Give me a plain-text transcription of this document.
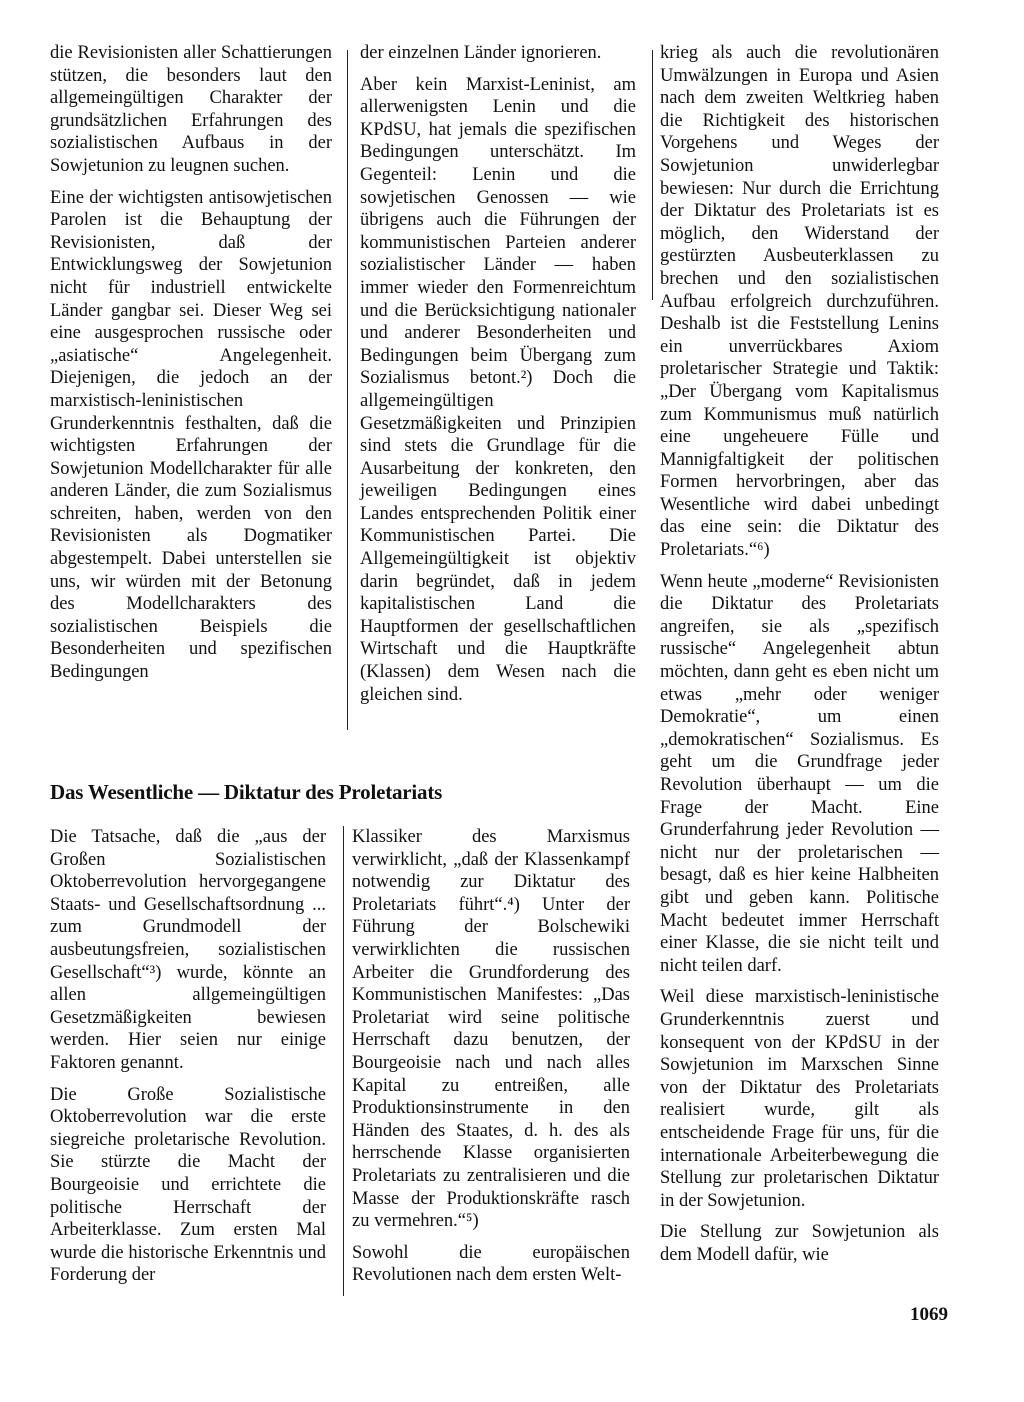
die Revisionisten aller Schattierungen stützen, die besonders laut den allgemeingültigen Charakter der grundsätzlichen Erfahrungen des sozialistischen Aufbaus in der Sowjetunion zu leugnen suchen.

Eine der wichtigsten antisowjetischen Parolen ist die Behauptung der Revisionisten, daß der Entwicklungsweg der Sowjetunion nicht für industriell entwickelte Länder gangbar sei. Dieser Weg sei eine ausgesprochen russische oder „asiatische“ Angelegenheit. Diejenigen, die jedoch an der marxistisch-leninistischen Grunderkenntnis festhalten, daß die wichtigsten Erfahrungen der Sowjetunion Modellcharakter für alle anderen Länder, die zum Sozialismus schreiten, haben, werden von den Revisionisten als Dogmatiker abgestempelt. Dabei unterstellen sie uns, wir würden mit der Betonung des Modellcharakters des sozialistischen Beispiels die Besonderheiten und spezifischen Bedingungen

der einzelnen Länder ignorieren.

Aber kein Marxist-Leninist, am allerwenigsten Lenin und die KPdSU, hat jemals die spezifischen Bedingungen unterschätzt. Im Gegenteil: Lenin und die sowjetischen Genossen — wie übrigens auch die Führungen der kommunistischen Parteien anderer sozialistischer Länder — haben immer wieder den Formenreichtum und die Berücksichtigung nationaler und anderer Besonderheiten und Bedingungen beim Übergang zum Sozialismus betont.²) Doch die allgemeingültigen Gesetzmäßigkeiten und Prinzipien sind stets die Grundlage für die Ausarbeitung der konkreten, den jeweiligen Bedingungen eines Landes entsprechenden Politik einer Kommunistischen Partei. Die Allgemeingültigkeit ist objektiv darin begründet, daß in jedem kapitalistischen Land die Hauptformen der gesellschaftlichen Wirtschaft und die Hauptkräfte (Klassen) dem Wesen nach die gleichen sind.

Das Wesentliche — Diktatur des Proletariats

Die Tatsache, daß die „aus der Großen Sozialistischen Oktoberrevolution hervorgegangene Staats- und Gesellschaftsordnung ... zum Grundmodell der ausbeutungsfreien, sozialistischen Gesellschaft“³) wurde, könnte an allen allgemeingültigen Gesetzmäßigkeiten bewiesen werden. Hier seien nur einige Faktoren genannt.

Die Große Sozialistische Oktoberrevolution war die erste siegreiche proletarische Revolution. Sie stürzte die Macht der Bourgeoisie und errichtete die politische Herrschaft der Arbeiterklasse. Zum ersten Mal wurde die historische Erkenntnis und Forderung der

Klassiker des Marxismus verwirklicht, „daß der Klassenkampf notwendig zur Diktatur des Proletariats führt“.⁴) Unter der Führung der Bolschewiki verwirklichten die russischen Arbeiter die Grundforderung des Kommunistischen Manifestes: „Das Proletariat wird seine politische Herrschaft dazu benutzen, der Bourgeoisie nach und nach alles Kapital zu entreißen, alle Produktionsinstrumente in den Händen des Staates, d. h. des als herrschende Klasse organisierten Proletariats zu zentralisieren und die Masse der Produktionskräfte rasch zu vermehren.“⁵)

Sowohl die europäischen Revolutionen nach dem ersten Welt-

krieg als auch die revolutionären Umwälzungen in Europa und Asien nach dem zweiten Weltkrieg haben die Richtigkeit des historischen Vorgehens und Weges der Sowjetunion unwiderlegbar bewiesen: Nur durch die Errichtung der Diktatur des Proletariats ist es möglich, den Widerstand der gestürzten Ausbeuterklassen zu brechen und den sozialistischen Aufbau erfolgreich durchzuführen. Deshalb ist die Feststellung Lenins ein unverrückbares Axiom proletarischer Strategie und Taktik: „Der Übergang vom Kapitalismus zum Kommunismus muß natürlich eine ungeheuere Fülle und Mannigfaltigkeit der politischen Formen hervorbringen, aber das Wesentliche wird dabei unbedingt das eine sein: die Diktatur des Proletariats.“⁶)

Wenn heute „moderne“ Revisionisten die Diktatur des Proletariats angreifen, sie als „spezifisch russische“ Angelegenheit abtun möchten, dann geht es eben nicht um etwas „mehr oder weniger Demokratie“, um einen „demokratischen“ Sozialismus. Es geht um die Grundfrage jeder Revolution überhaupt — um die Frage der Macht. Eine Grunderfahrung jeder Revolution — nicht nur der proletarischen — besagt, daß es hier keine Halbheiten gibt und geben kann. Politische Macht bedeutet immer Herrschaft einer Klasse, die sie nicht teilt und nicht teilen darf.

Weil diese marxistisch-leninistische Grunderkenntnis zuerst und konsequent von der KPdSU in der Sowjetunion im Marxschen Sinne von der Diktatur des Proletariats realisiert wurde, gilt als entscheidende Frage für uns, für die internationale Arbeiterbewegung die Stellung zur proletarischen Diktatur in der Sowjetunion.

Die Stellung zur Sowjetunion als dem Modell dafür, wie

1069
